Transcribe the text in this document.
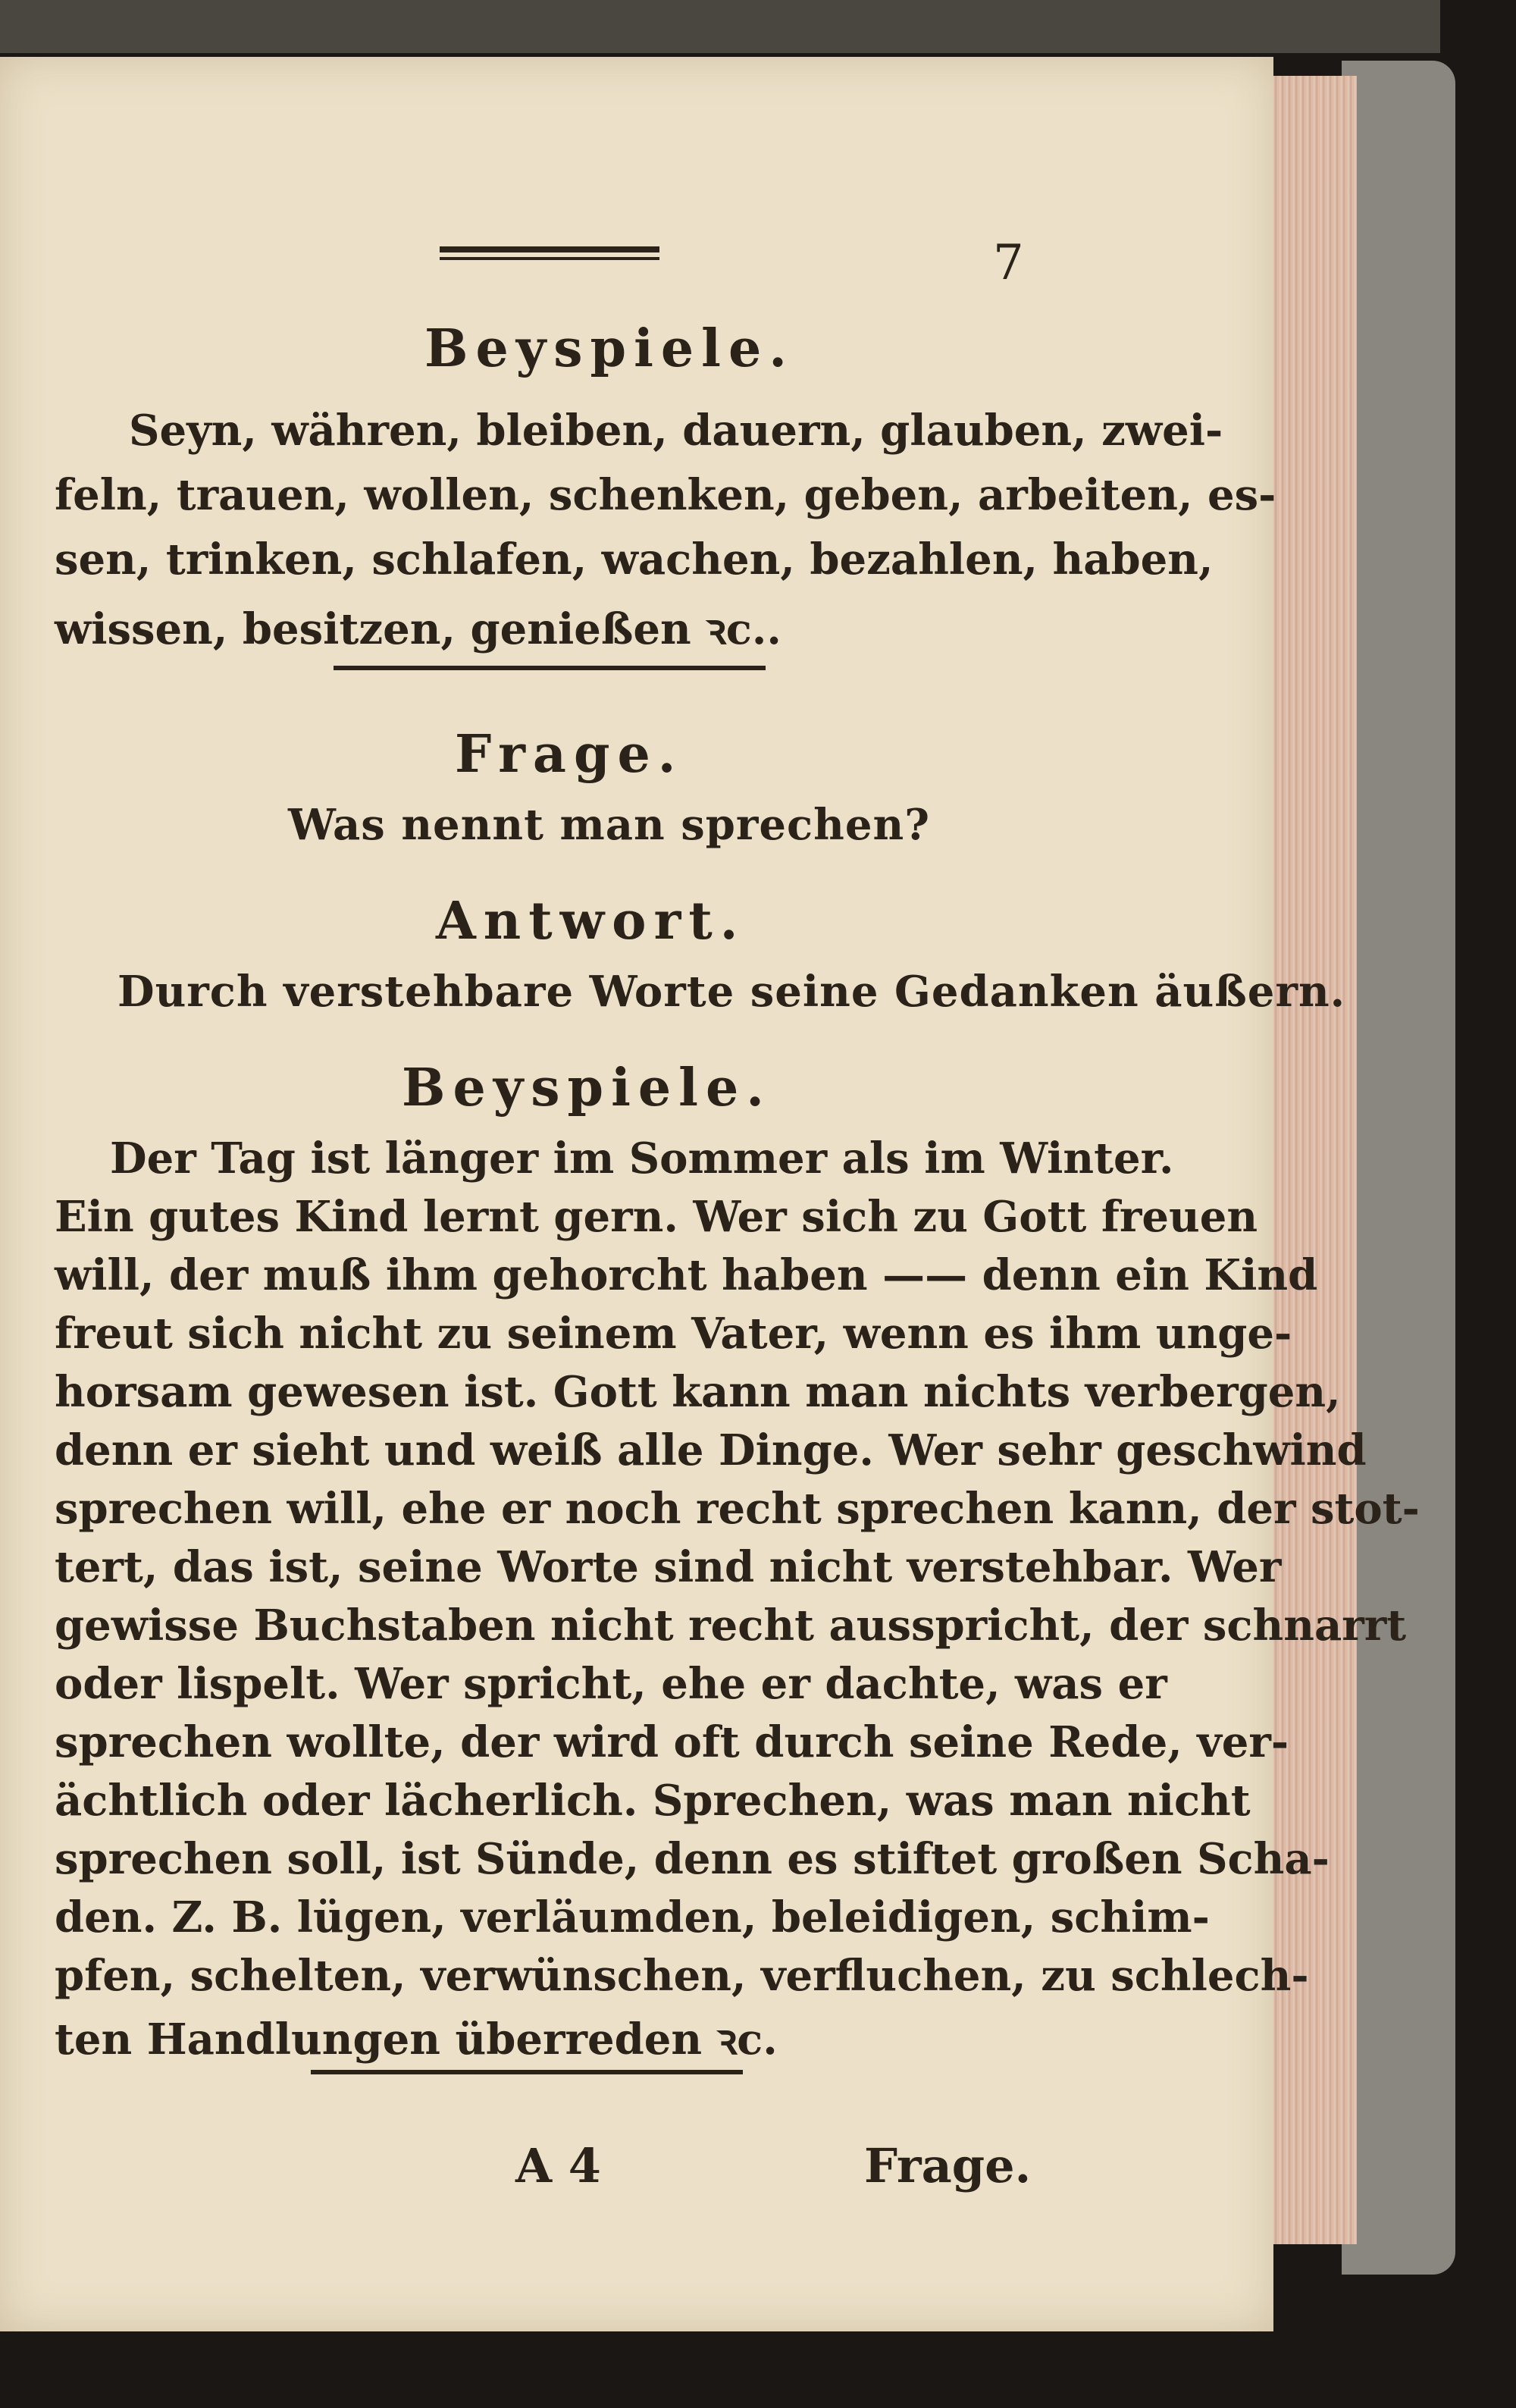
7
Beyspiele.
Seyn, währen, bleiben, dauern, glauben, zwei-
feln, trauen, wollen, schenken, geben, arbeiten, es-
sen, trinken, schlafen, wachen, bezahlen, haben,
wissen, besitzen, genießen ꝛc..
Frage.
Was nennt man sprechen?
Antwort.
Durch verstehbare Worte seine Gedanken äußern.
Beyspiele.
Der Tag ist länger im Sommer als im Winter.
Ein gutes Kind lernt gern. Wer sich zu Gott freuen
will, der muß ihm gehorcht haben —— denn ein Kind
freut sich nicht zu seinem Vater, wenn es ihm unge-
horsam gewesen ist. Gott kann man nichts verbergen,
denn er sieht und weiß alle Dinge. Wer sehr geschwind
sprechen will, ehe er noch recht sprechen kann, der stot-
tert, das ist, seine Worte sind nicht verstehbar. Wer
gewisse Buchstaben nicht recht ausspricht, der schnarrt
oder lispelt. Wer spricht, ehe er dachte, was er
sprechen wollte, der wird oft durch seine Rede, ver-
ächtlich oder lächerlich. Sprechen, was man nicht
sprechen soll, ist Sünde, denn es stiftet großen Scha-
den. Z. B. lügen, verläumden, beleidigen, schim-
pfen, schelten, verwünschen, verfluchen, zu schlech-
ten Handlungen überreden ꝛc.
A 4	Frage.
